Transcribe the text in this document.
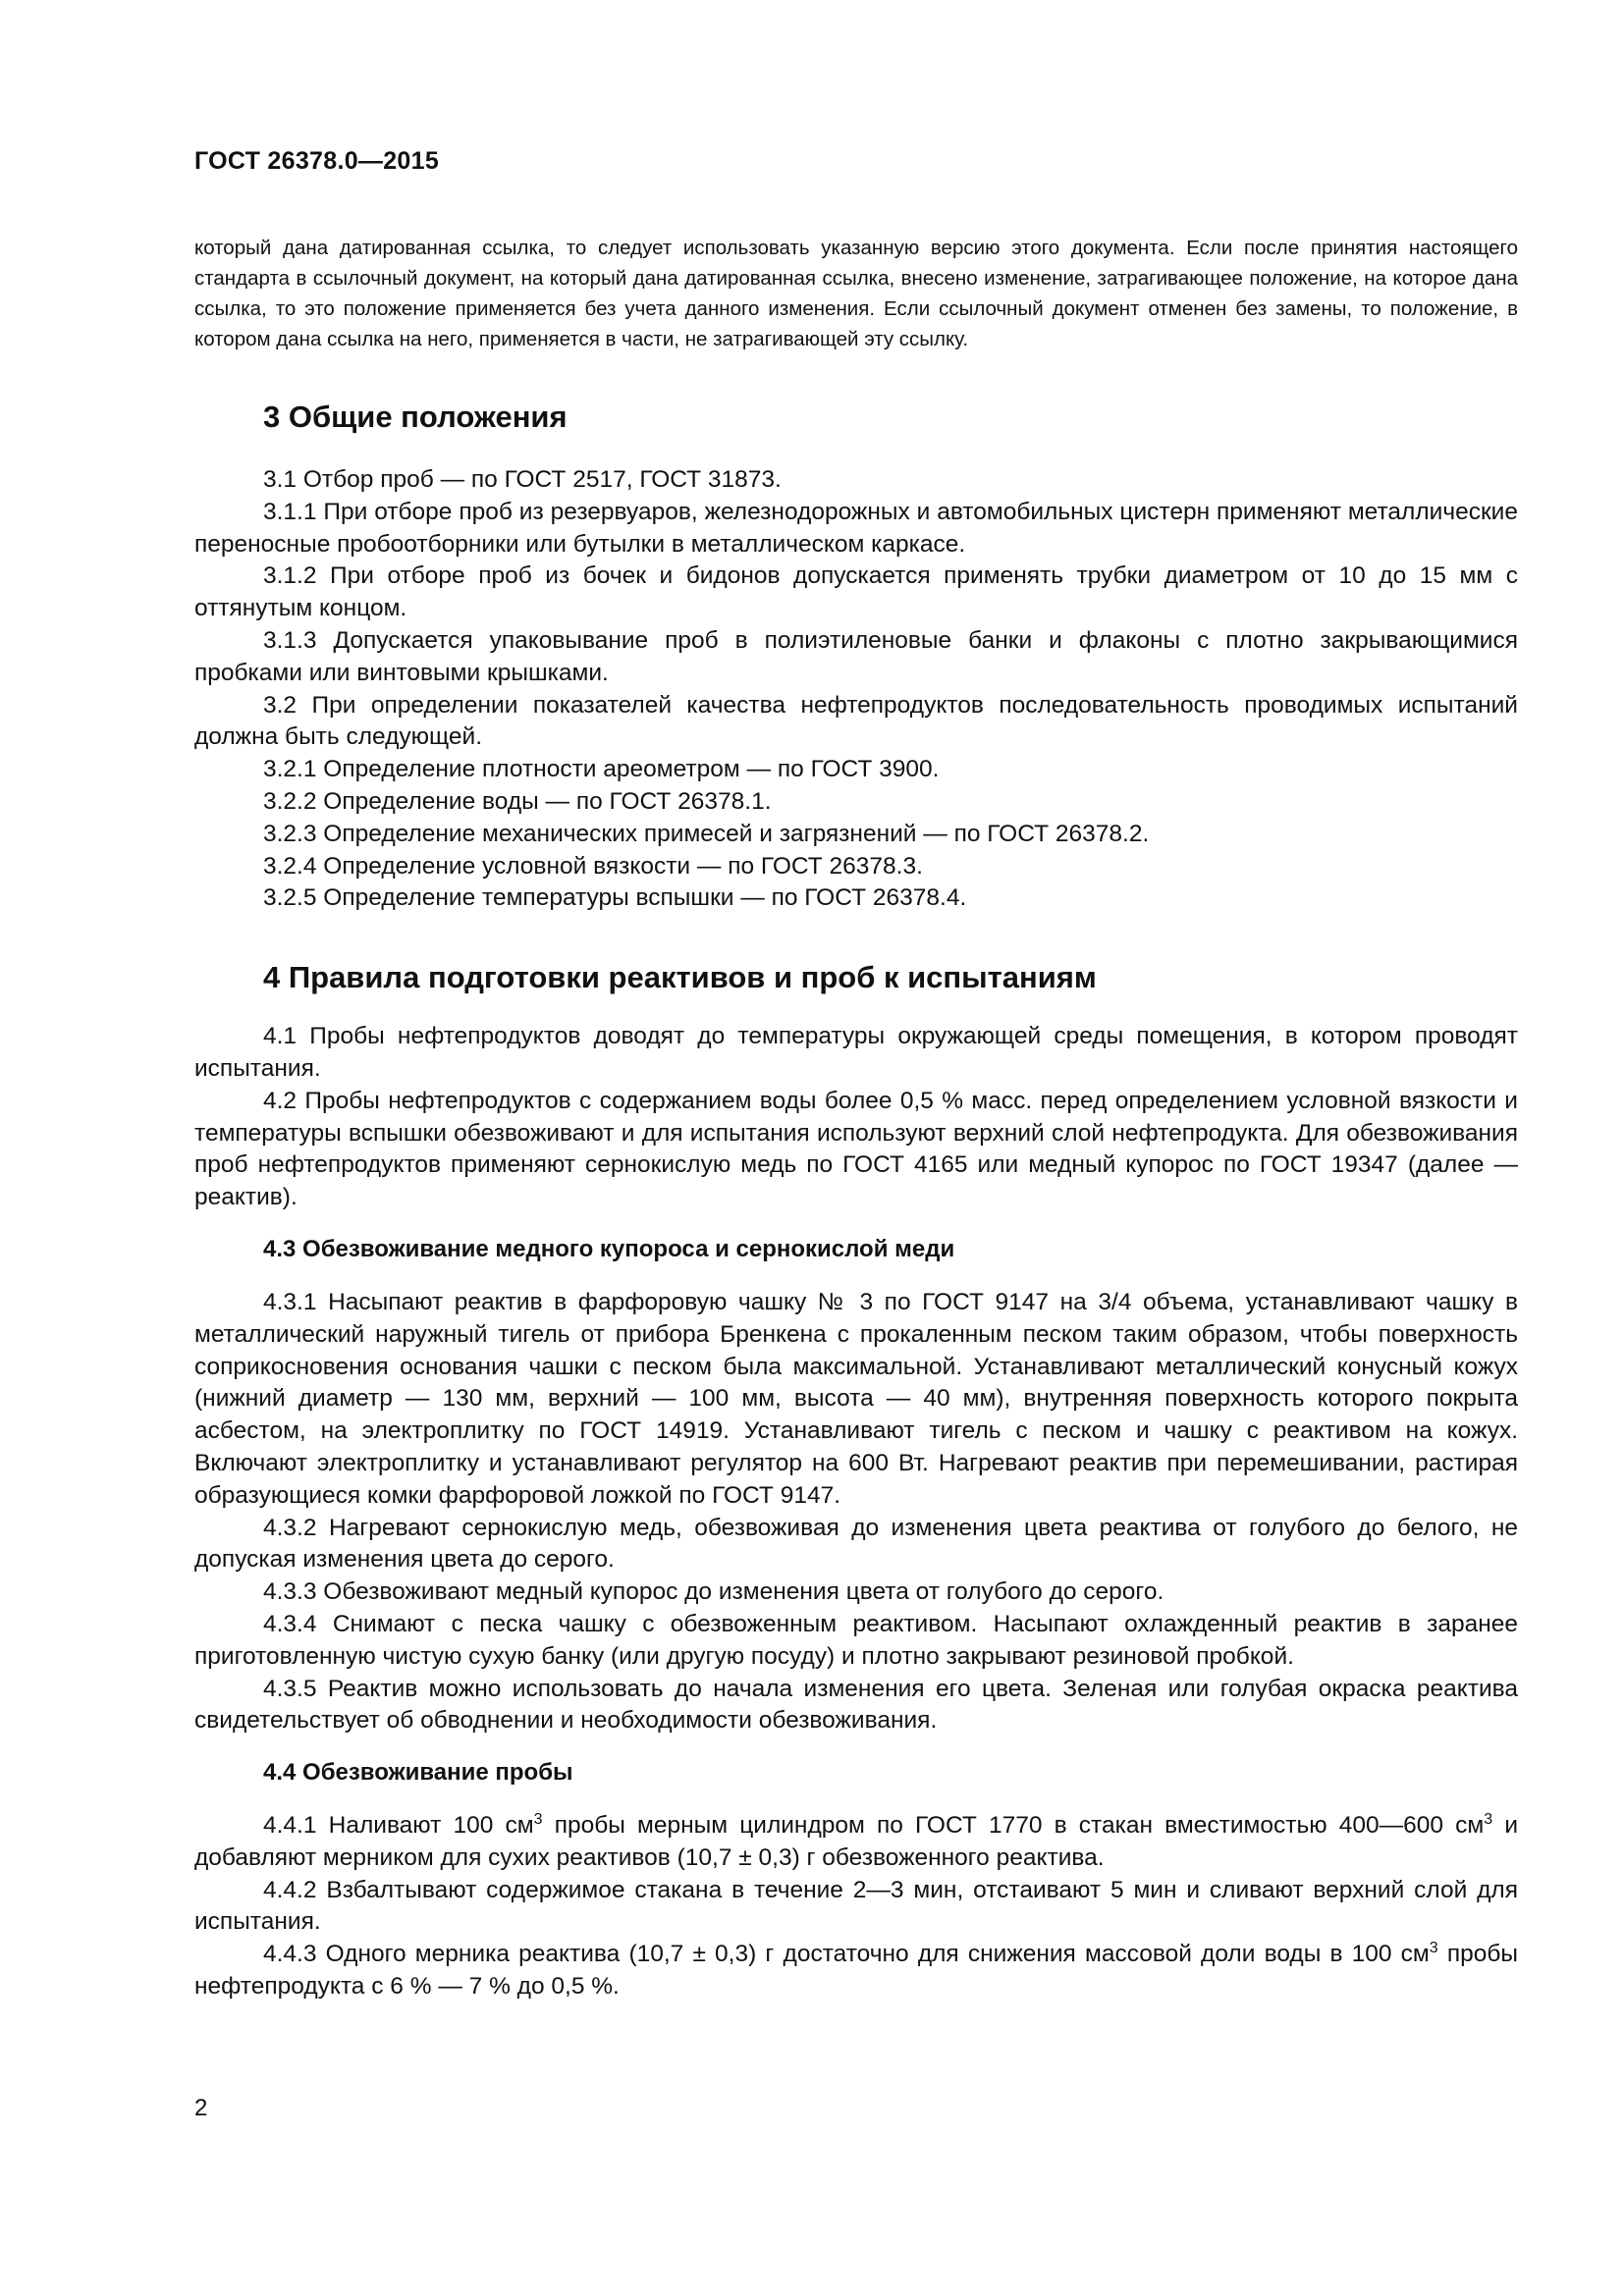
ГОСТ 26378.0—2015

который дана датированная ссылка, то следует использовать указанную версию этого документа. Если после принятия настоящего стандарта в ссылочный документ, на который дана датированная ссылка, внесено изменение, затрагивающее положение, на которое дана ссылка, то это положение применяется без учета данного изменения. Если ссылочный документ отменен без замены, то положение, в котором дана ссылка на него, применяется в части, не затрагивающей эту ссылку.

3 Общие положения

3.1 Отбор проб — по ГОСТ 2517, ГОСТ 31873.

3.1.1 При отборе проб из резервуаров, железнодорожных и автомобильных цистерн применяют металлические переносные пробоотборники или бутылки в металлическом каркасе.

3.1.2 При отборе проб из бочек и бидонов допускается применять трубки диаметром от 10 до 15 мм с оттянутым концом.

3.1.3 Допускается упаковывание проб в полиэтиленовые банки и флаконы с плотно закрывающимися пробками или винтовыми крышками.

3.2 При определении показателей качества нефтепродуктов последовательность проводимых испытаний должна быть следующей.

3.2.1 Определение плотности ареометром — по ГОСТ 3900.

3.2.2 Определение воды — по ГОСТ 26378.1.

3.2.3 Определение механических примесей и загрязнений — по ГОСТ 26378.2.

3.2.4 Определение условной вязкости — по ГОСТ 26378.3.

3.2.5 Определение температуры вспышки — по ГОСТ 26378.4.

4 Правила подготовки реактивов и проб к испытаниям

4.1 Пробы нефтепродуктов доводят до температуры окружающей среды помещения, в котором проводят испытания.

4.2 Пробы нефтепродуктов с содержанием воды более 0,5 % масс. перед определением условной вязкости и температуры вспышки обезвоживают и для испытания используют верхний слой нефтепродукта. Для обезвоживания проб нефтепродуктов применяют сернокислую медь по ГОСТ 4165 или медный купорос по ГОСТ 19347 (далее — реактив).

4.3 Обезвоживание медного купороса и сернокислой меди

4.3.1 Насыпают реактив в фарфоровую чашку № 3 по ГОСТ 9147 на 3/4 объема, устанавливают чашку в металлический наружный тигель от прибора Бренкена с прокаленным песком таким образом, чтобы поверхность соприкосновения основания чашки с песком была максимальной. Устанавливают металлический конусный кожух (нижний диаметр — 130 мм, верхний — 100 мм, высота — 40 мм), внутренняя поверхность которого покрыта асбестом, на электроплитку по ГОСТ 14919. Устанавливают тигель с песком и чашку с реактивом на кожух. Включают электроплитку и устанавливают регулятор на 600 Вт. Нагревают реактив при перемешивании, растирая образующиеся комки фарфоровой ложкой по ГОСТ 9147.

4.3.2 Нагревают сернокислую медь, обезвоживая до изменения цвета реактива от голубого до белого, не допуская изменения цвета до серого.

4.3.3 Обезвоживают медный купорос до изменения цвета от голубого до серого.

4.3.4 Снимают с песка чашку с обезвоженным реактивом. Насыпают охлажденный реактив в заранее приготовленную чистую сухую банку (или другую посуду) и плотно закрывают резиновой пробкой.

4.3.5 Реактив можно использовать до начала изменения его цвета. Зеленая или голубая окраска реактива свидетельствует об обводнении и необходимости обезвоживания.

4.4 Обезвоживание пробы

4.4.1 Наливают 100 $см^3$ пробы мерным цилиндром по ГОСТ 1770 в стакан вместимостью 400—600 $см^3$ и добавляют мерником для сухих реактивов (10,7 ± 0,3) г обезвоженного реактива.

4.4.2 Взбалтывают содержимое стакана в течение 2—3 мин, отстаивают 5 мин и сливают верхний слой для испытания.

4.4.3 Одного мерника реактива (10,7 ± 0,3) г достаточно для снижения массовой доли воды в 100 $см^3$ пробы нефтепродукта с 6 % — 7 % до 0,5 %.

2
